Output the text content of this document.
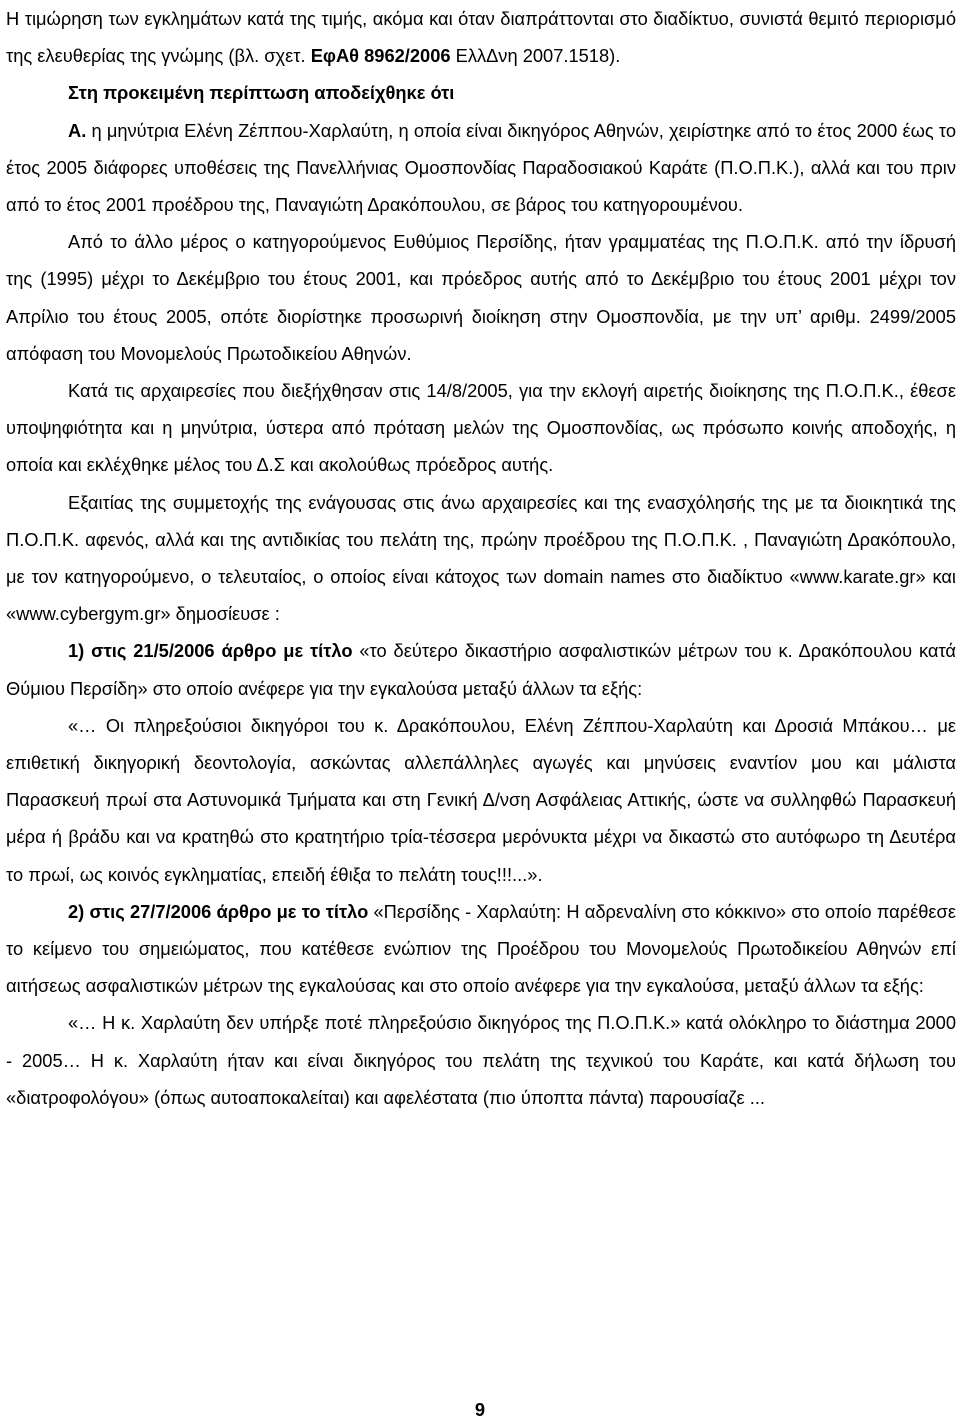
Η τιμώρηση των εγκλημάτων κατά της τιμής, ακόμα και όταν διαπράττονται στο διαδίκτυο, συνιστά θεμιτό περιορισμό της ελευθερίας της γνώμης (βλ. σχετ. ΕφΑθ 8962/2006 ΕλλΔνη 2007.1518).

Στη προκειμένη περίπτωση αποδείχθηκε ότι

Α. η μηνύτρια Ελένη Ζέππου-Χαρλαύτη, η οποία είναι δικηγόρος Αθηνών, χειρίστηκε από το έτος 2000 έως το έτος 2005 διάφορες υποθέσεις της Πανελλήνιας Ομοσπονδίας Παραδοσιακού Καράτε (Π.Ο.Π.Κ.), αλλά και του πριν από το έτος 2001 προέδρου της, Παναγιώτη Δρακόπουλου, σε βάρος του κατηγορουμένου.

Από το άλλο μέρος ο κατηγορούμενος Ευθύμιος Περσίδης, ήταν γραμματέας της Π.Ο.Π.Κ. από την ίδρυσή της (1995) μέχρι το Δεκέμβριο του έτους 2001, και πρόεδρος αυτής από το Δεκέμβριο του έτους 2001 μέχρι τον Απρίλιο του έτους 2005, οπότε διορίστηκε προσωρινή διοίκηση στην Ομοσπονδία, με την υπ’ αριθμ. 2499/2005 απόφαση του Μονομελούς Πρωτοδικείου Αθηνών.

Κατά τις αρχαιρεσίες που διεξήχθησαν στις 14/8/2005, για την εκλογή αιρετής διοίκησης της Π.Ο.Π.Κ., έθεσε υποψηφιότητα και η μηνύτρια, ύστερα από πρόταση μελών της Ομοσπονδίας, ως πρόσωπο κοινής αποδοχής, η οποία και εκλέχθηκε μέλος του Δ.Σ και ακολούθως πρόεδρος αυτής.

Εξαιτίας της συμμετοχής της ενάγουσας στις άνω αρχαιρεσίες και της ενασχόλησής της με τα διοικητικά της Π.Ο.Π.Κ. αφενός, αλλά και της αντιδικίας του πελάτη της, πρώην προέδρου της Π.Ο.Π.Κ. , Παναγιώτη Δρακόπουλο, με τον κατηγορούμενο, ο τελευταίος, ο οποίος είναι κάτοχος των domain names στο διαδίκτυο «www.karate.gr» και «www.cybergym.gr» δημοσίευσε :

1) στις 21/5/2006 άρθρο με τίτλο «το δεύτερο δικαστήριο ασφαλιστικών μέτρων του κ. Δρακόπουλου κατά Θύμιου Περσίδη» στο οποίο ανέφερε για την εγκαλούσα μεταξύ άλλων τα εξής:

«… Οι πληρεξούσιοι δικηγόροι του κ. Δρακόπουλου, Ελένη Ζέππου-Χαρλαύτη και Δροσιά Μπάκου… με επιθετική δικηγορική δεοντολογία, ασκώντας αλλεπάλληλες αγωγές και μηνύσεις εναντίον μου και μάλιστα Παρασκευή πρωί στα Αστυνομικά Τμήματα και στη Γενική Δ/νση Ασφάλειας Αττικής, ώστε να συλληφθώ Παρασκευή μέρα ή βράδυ και να κρατηθώ στο κρατητήριο τρία-τέσσερα μερόνυκτα μέχρι να δικαστώ στο αυτόφωρο τη Δευτέρα το πρωί, ως κοινός εγκληματίας, επειδή έθιξα το πελάτη τους!!!...».

2) στις 27/7/2006 άρθρο με το τίτλο «Περσίδης - Χαρλαύτη: Η αδρεναλίνη στο κόκκινο» στο οποίο παρέθεσε το κείμενο του σημειώματος, που κατέθεσε ενώπιον της Προέδρου του Μονομελούς Πρωτοδικείου Αθηνών επί αιτήσεως ασφαλιστικών μέτρων της εγκαλούσας και στο οποίο ανέφερε για την εγκαλούσα, μεταξύ άλλων τα εξής:

«… Η κ. Χαρλαύτη δεν υπήρξε ποτέ πληρεξούσιο δικηγόρος της Π.Ο.Π.Κ.» κατά ολόκληρο το διάστημα 2000 - 2005… Η κ. Χαρλαύτη ήταν και είναι δικηγόρος του πελάτη της τεχνικού του Καράτε, και κατά δήλωση του «διατροφολόγου» (όπως αυτοαποκαλείται) και αφελέστατα (πιο ύποπτα πάντα) παρουσίαζε ...

9
